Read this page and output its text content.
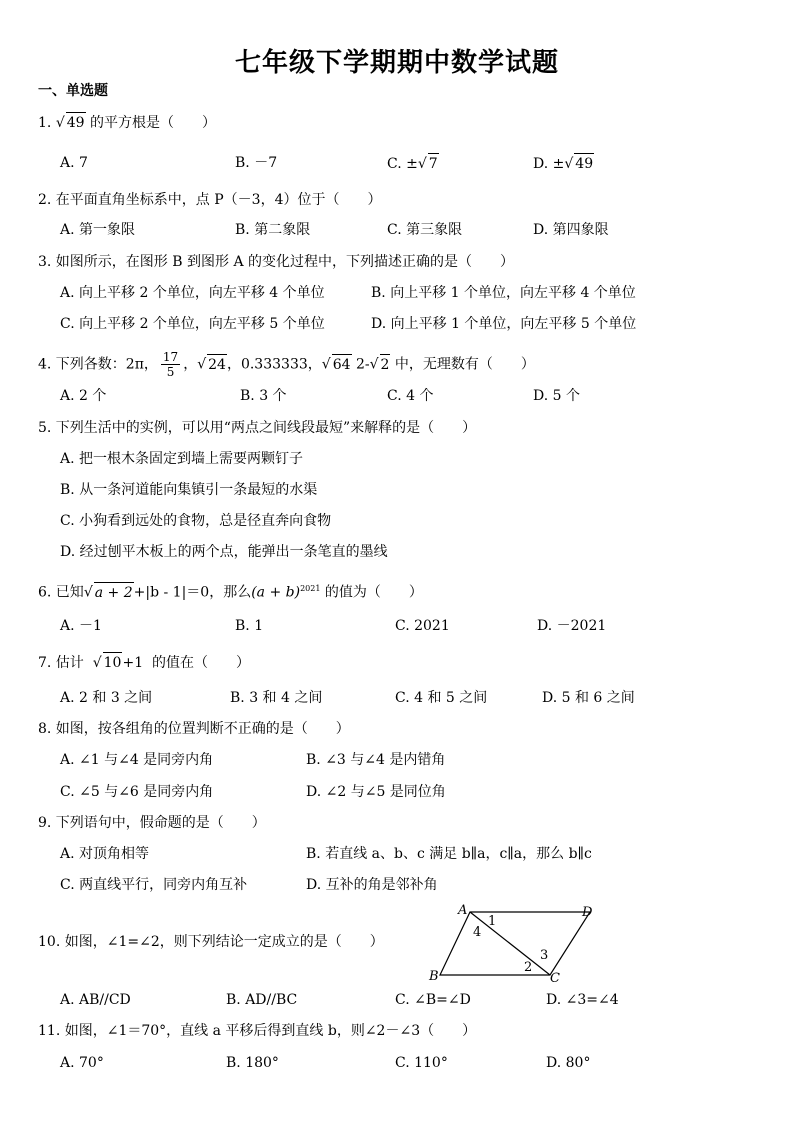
七年级下学期期中数学试题
一、单选题
1. √ 49 的平方根是（　　）
A. 7	B. －7	C. ±√ 7	D. ±√ 49
2. 在平面直角坐标系中，点 P（－3，4）位于（　　）
A. 第一象限	B. 第二象限	C. 第三象限	D. 第四象限
3. 如图所示，在图形 B 到图形 A 的变化过程中，下列描述正确的是（　　）
A. 向上平移 2 个单位，向左平移 4 个单位	B. 向上平移 1 个单位，向左平移 4 个单位
C. 向上平移 2 个单位，向左平移 5 个单位	D. 向上平移 1 个单位，向左平移 5 个单位
4. 下列各数：2π， $\frac{17}{5}$ ，√ 24，0.333333，√ 64 2-√ 2 中，无理数有（　　）
A. 2 个	B. 3 个	C. 4 个	D. 5 个
5. 下列生活中的实例，可以用“两点之间线段最短”来解释的是（　　）
A. 把一根木条固定到墙上需要两颗钉子
B. 从一条河道能向集镇引一条最短的水渠
C. 小狗看到远处的食物，总是径直奔向食物
D. 经过刨平木板上的两个点，能弹出一条笔直的墨线
6. 已知√ a + 2+|b - 1|＝0，那么$(a + b)^{2021}$ 的值为（　　）
A. －1	B. 1	C. 2021	D. －2021
7. 估计 √ 10+1 的值在（　　）
A. 2 和 3 之间	B. 3 和 4 之间	C. 4 和 5 之间	D. 5 和 6 之间
8. 如图，按各组角的位置判断不正确的是（　　）
A. ∠1 与∠4 是同旁内角	B. ∠3 与∠4 是内错角
C. ∠5 与∠6 是同旁内角	D. ∠2 与∠5 是同位角
9. 下列语句中，假命题的是（　　）
A. 对顶角相等	B. 若直线 a、b、c 满足 b∥a，c∥a，那么 b∥c
C. 两直线平行，同旁内角互补	D. 互补的角是邻补角
10. 如图，∠1=∠2，则下列结论一定成立的是（　　）
A	D
B	C
1
4
2
3
A. AB//CD	B. AD//BC	C. ∠B=∠D	D. ∠3=∠4
11. 如图，∠1＝70°，直线 a 平移后得到直线 b，则∠2－∠3（　　）
A. 70°	B. 180°	C. 110°	D. 80°
